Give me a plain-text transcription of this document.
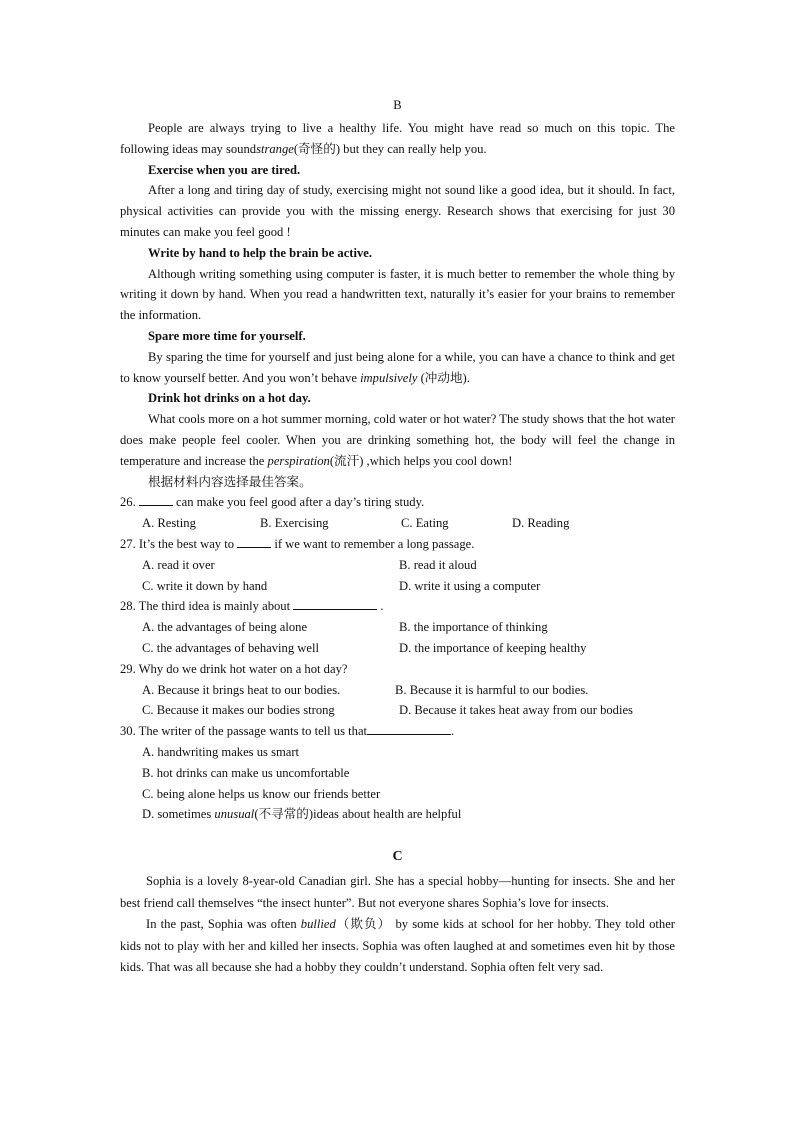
B

People are always trying to live a healthy life. You might have read so much on this topic. The following ideas may soundstrange(奇怪的) but they can really help you.

Exercise when you are tired.

After a long and tiring day of study, exercising might not sound like a good idea, but it should. In fact, physical activities can provide you with the missing energy. Research shows that exercising for just 30 minutes can make you feel good !

Write by hand to help the brain be active.

Although writing something using computer is faster, it is much better to remember the whole thing by writing it down by hand. When you read a handwritten text, naturally it’s easier for your brains to remember the information.

Spare more time for yourself.

By sparing the time for yourself and just being alone for a while, you can have a chance to think and get to know yourself better. And you won’t behave impulsively (冲动地).

Drink hot drinks on a hot day.

What cools more on a hot summer morning, cold water or hot water? The study shows that the hot water does make people feel cooler. When you are drinking something hot, the body will feel the change in temperature and increase the perspiration(流汗) ,which helps you cool down!

根据材料内容选择最佳答案。

26.	can make you feel good after a day’s tiring study.

A. Resting	B. Exercising	C. Eating	D. Reading

27. It’s the best way to	if we want to remember a long passage.

A. read it over	B. read it aloud
C. write it down by hand	D. write it using a computer

28. The third idea is mainly about	.

A. the advantages of being alone	B. the importance of thinking
C. the advantages of behaving well	D. the importance of keeping healthy

29. Why do we drink hot water on a hot day?

A. Because it brings heat to our bodies.	B. Because it is harmful to our bodies.
C. Because it makes our bodies strong	D. Because it takes heat away from our bodies

30. The writer of the passage wants to tell us that	.

A. handwriting makes us smart

B. hot drinks can make us uncomfortable

C. being alone helps us know our friends better

D. sometimes unusual(不寻常的)ideas about health are helpful

C

Sophia is a lovely 8-year-old Canadian girl. She has a special hobby—hunting for insects. She and her best friend call themselves “the insect hunter”. But not everyone shares Sophia’s love for insects.

In the past, Sophia was often bullied（欺负） by some kids at school for her hobby. They told other kids not to play with her and killed her insects. Sophia was often laughed at and sometimes even hit by those kids. That was all because she had a hobby they couldn’t understand. Sophia often felt very sad.
